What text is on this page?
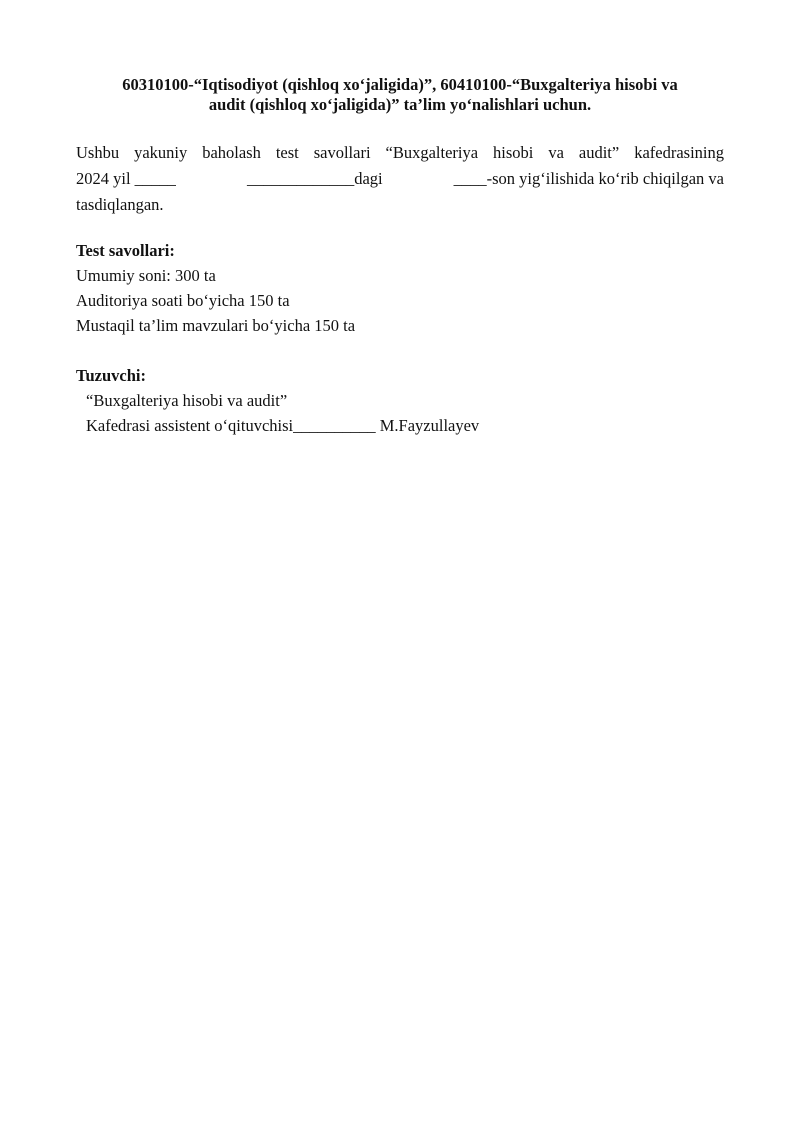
60310100-“Iqtisodiyot (qishloq xo‘jaligida)”, 60410100-“Buxgalteriya hisobi va
audit (qishloq xo‘jaligida)” ta’lim yo‘nalishlari uchun.

Ushbu yakuniy baholash test savollari “Buxgalteriya hisobi va audit” kafedrasining
2024 yil _____	_____________dagi	____-son yig‘ilishida ko‘rib chiqilgan va
tasdiqlangan.

Test savollari:
Umumiy soni: 300 ta
Auditoriya soati bo‘yicha 150 ta
Mustaqil ta’lim mavzulari bo‘yicha 150 ta
Tuzuvchi:
“Buxgalteriya hisobi va audit”
Kafedrasi assistent o‘qituvchisi__________ M.Fayzullayev
